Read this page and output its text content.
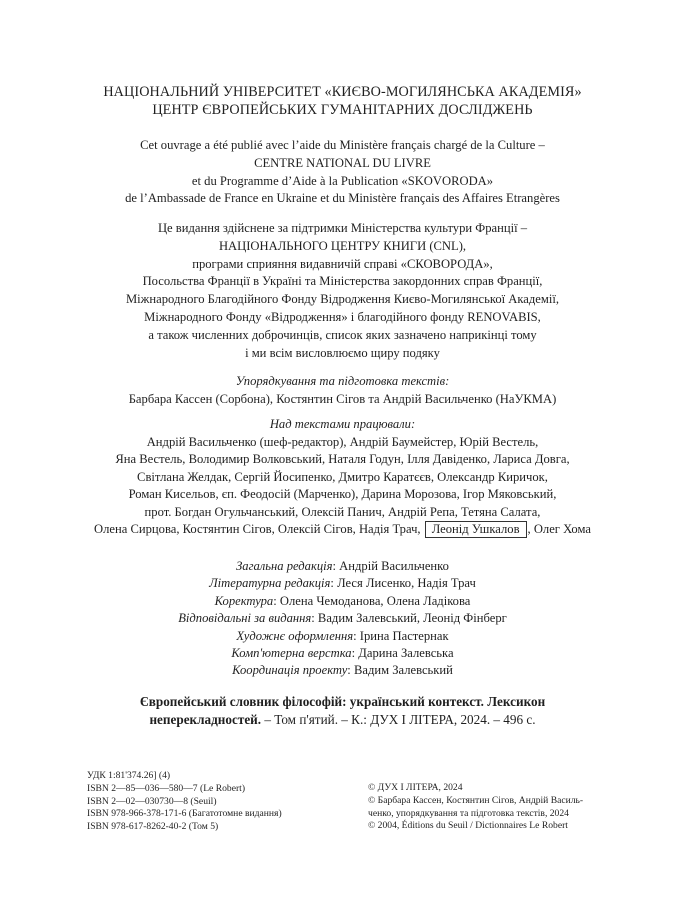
НАЦІОНАЛЬНИЙ УНІВЕРСИТЕТ «КИЄВО-МОГИЛЯНСЬКА АКАДЕМІЯ»
ЦЕНТР ЄВРОПЕЙСЬКИХ ГУМАНІТАРНИХ ДОСЛІДЖЕНЬ
Cet ouvrage a été publié avec l’aide du Ministère français chargé de la Culture –
CENTRE NATIONAL DU LIVRE
et du Programme d’Aide à la Publication «SKOVORODA»
de l’Ambassade de France en Ukraine et du Ministère français des Affaires Etrangères
Це видання здійснене за підтримки Міністерства культури Франції –
НАЦІОНАЛЬНОГО ЦЕНТРУ КНИГИ (CNL),
програми сприяння видавничій справі «СКОВОРОДА»,
Посольства Франції в Україні та Міністерства закордонних справ Франції,
Міжнародного Благодійного Фонду Відродження Києво-Могилянської Академії,
Міжнародного Фонду «Відродження» і благодійного фонду RENOVABIS,
а також численних доброчинців, список яких зазначено наприкінці тому
і ми всім висловлюємо щиру подяку
Упорядкування та підготовка текстів:
Барбара Кассен (Сорбона), Костянтин Сігов та Андрій Васильченко (НаУКМА)
Над текстами працювали:
Андрій Васильченко (шеф-редактор), Андрій Баумейстер, Юрій Вестель,
Яна Вестель, Володимир Волковський, Наталя Годун, Ілля Давіденко, Лариса Довга,
Світлана Желдак, Сергій Йосипенко, Дмитро Каратєєв, Олександр Киричок,
Роман Кисельов, єп. Феодосій (Марченко), Дарина Морозова, Ігор Мяковський,
прот. Богдан Огульчанський, Олексій Панич, Андрій Репа, Тетяна Салата,
Олена Сирцова, Костянтин Сігов, Олексій Сігов, Надія Трач, Леонід Ушкалов , Олег Хома
Загальна редакція: Андрій Васильченко
Літературна редакція: Леся Лисенко, Надія Трач
Коректура: Олена Чемоданова, Олена Ладікова
Відповідальні за видання: Вадим Залевський, Леонід Фінберг
Художнє оформлення: Ірина Пастернак
Комп'ютерна верстка: Дарина Залевська
Координація проекту: Вадим Залевський
Європейський словник філософій: український контекст. Лексикон
неперекладностей. – Том п'ятий. – К.: ДУХ І ЛІТЕРА, 2024. – 496 с.
УДК 1:81'374.26] (4)
ISBN 2—85—036—580—7 (Le Robert)
ISBN 2—02—030730—8 (Seuil)
ISBN 978-966-378-171-6 (Багатотомне видання)
ISBN 978-617-8262-40-2 (Том 5)
© ДУХ І ЛІТЕРА, 2024
© Барбара Кассен, Костянтин Сігов, Андрій Василь-
ченко, упорядкування та підготовка текстів, 2024
© 2004, Éditions du Seuil / Dictionnaires Le Robert
